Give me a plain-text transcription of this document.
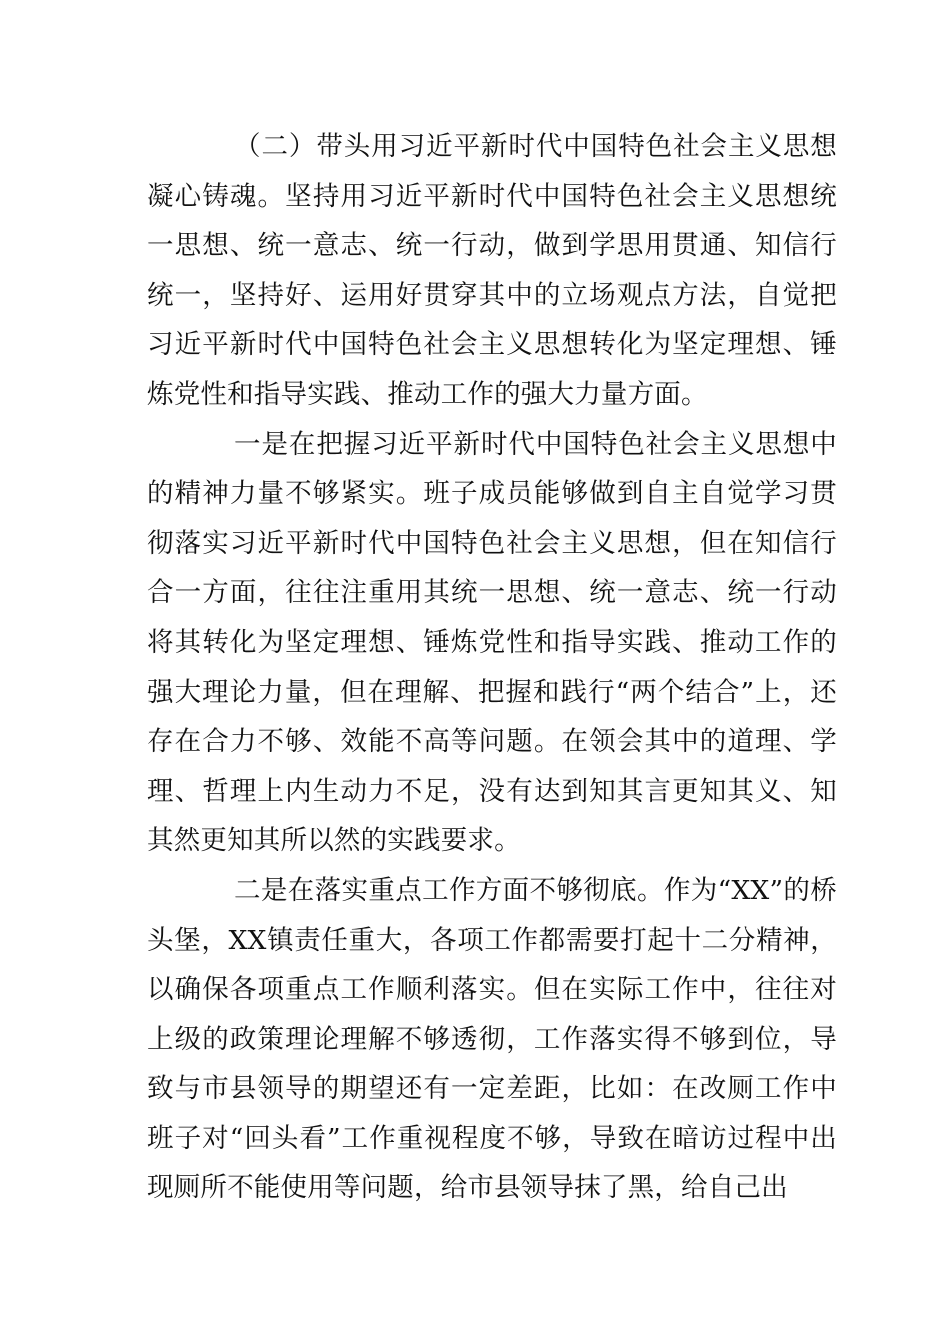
（二）带头用习近平新时代中国特色社会主义思想凝心铸魂。坚持用习近平新时代中国特色社会主义思想统一思想、统一意志、统一行动，做到学思用贯通、知信行统一，坚持好、运用好贯穿其中的立场观点方法，自觉把习近平新时代中国特色社会主义思想转化为坚定理想、锤炼党性和指导实践、推动工作的强大力量方面。

一是在把握习近平新时代中国特色社会主义思想中的精神力量不够紧实。班子成员能够做到自主自觉学习贯彻落实习近平新时代中国特色社会主义思想，但在知信行合一方面，往往注重用其统一思想、统一意志、统一行动将其转化为坚定理想、锤炼党性和指导实践、推动工作的强大理论力量，但在理解、把握和践行“两个结合”上，还存在合力不够、效能不高等问题。在领会其中的道理、学理、哲理上内生动力不足，没有达到知其言更知其义、知其然更知其所以然的实践要求。

二是在落实重点工作方面不够彻底。作为“XX”的桥头堡，XX镇责任重大，各项工作都需要打起十二分精神，以确保各项重点工作顺利落实。但在实际工作中，往往对上级的政策理论理解不够透彻，工作落实得不够到位，导致与市县领导的期望还有一定差距，比如：在改厕工作中班子对“回头看”工作重视程度不够，导致在暗访过程中出现厕所不能使用等问题，给市县领导抹了黑，给自己出
